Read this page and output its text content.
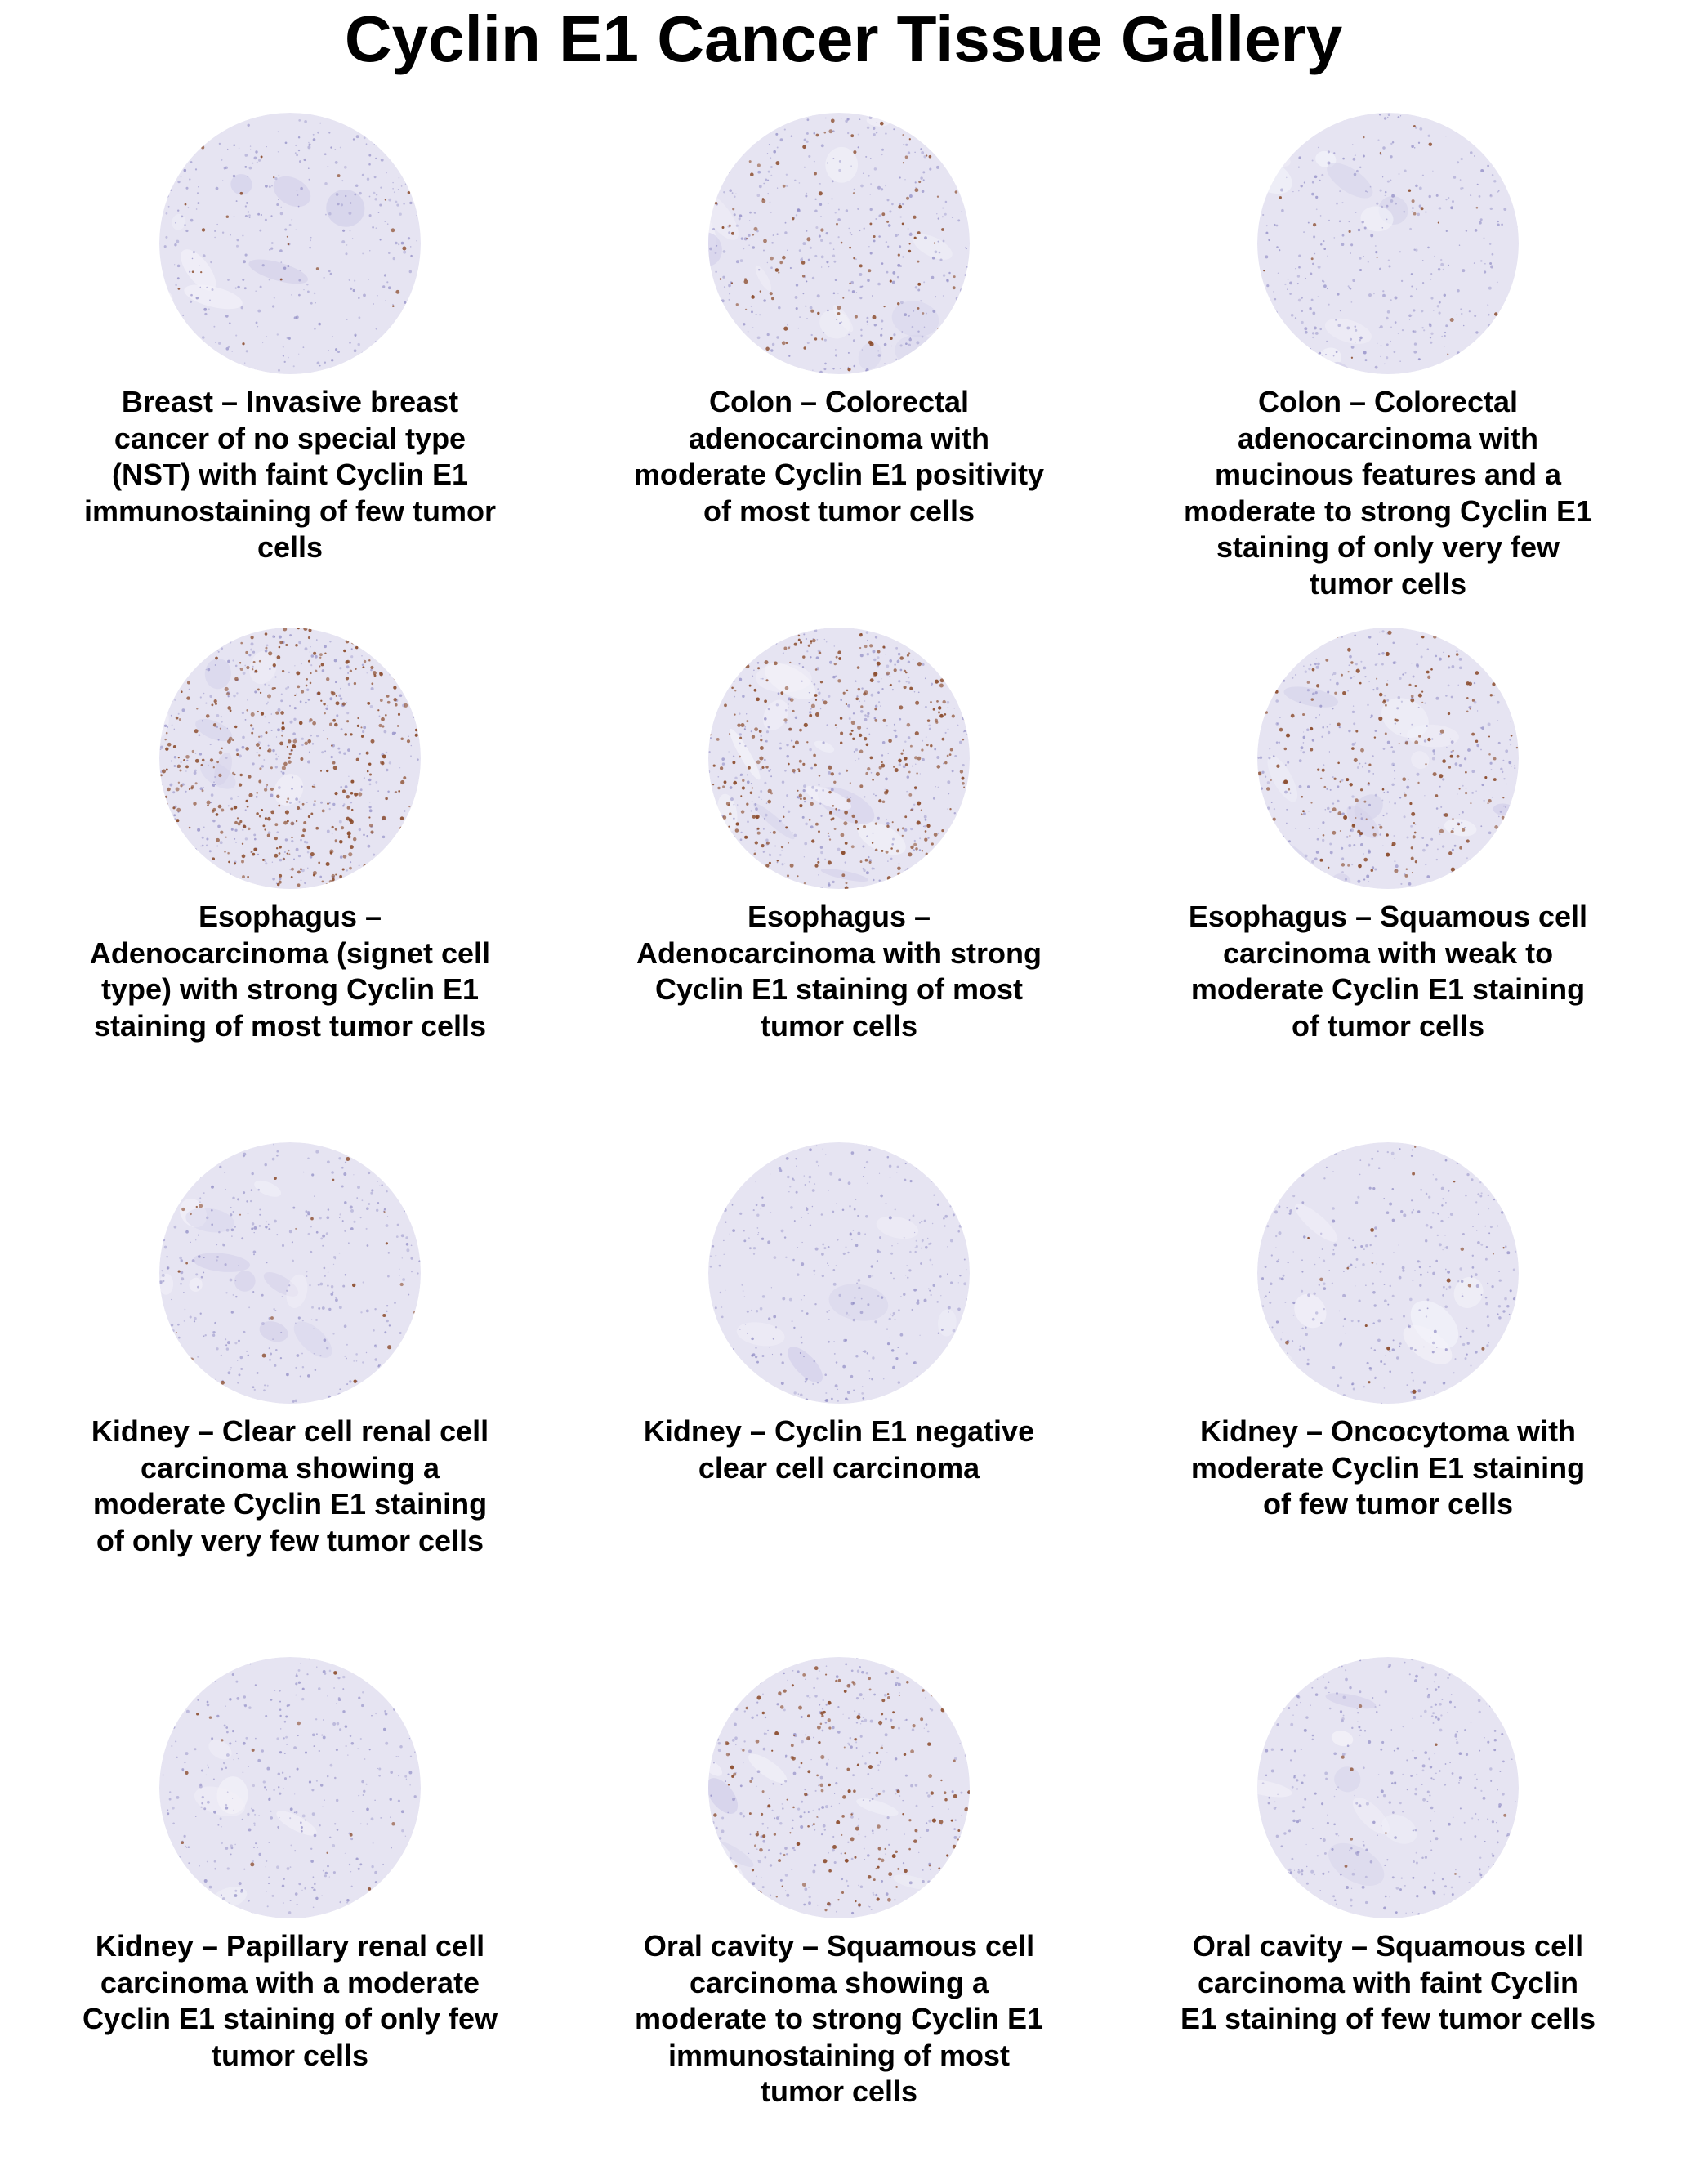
Cyclin E1 Cancer Tissue Gallery
Breast – Invasive breast cancer of no special type (NST) with faint Cyclin E1 immunostaining of few tumor cells
Colon – Colorectal adenocarcinoma with moderate Cyclin E1 positivity of most tumor cells
Colon – Colorectal adenocarcinoma with mucinous features and a moderate to strong Cyclin E1 staining of only very few tumor cells
Esophagus – Adenocarcinoma (signet cell type) with strong Cyclin E1 staining of most tumor cells
Esophagus – Adenocarcinoma with strong Cyclin E1 staining of most tumor cells
Esophagus – Squamous cell carcinoma with weak to moderate Cyclin E1 staining of tumor cells
Kidney – Clear cell renal cell carcinoma showing a moderate Cyclin E1 staining of only very few tumor cells
Kidney – Cyclin E1 negative clear cell carcinoma
Kidney – Oncocytoma with moderate Cyclin E1 staining of few tumor cells
Kidney – Papillary renal cell carcinoma with a moderate Cyclin E1 staining of only few tumor cells
Oral cavity – Squamous cell carcinoma showing a moderate to strong Cyclin E1 immunostaining of most tumor cells
Oral cavity – Squamous cell carcinoma with faint Cyclin E1 staining of few tumor cells
